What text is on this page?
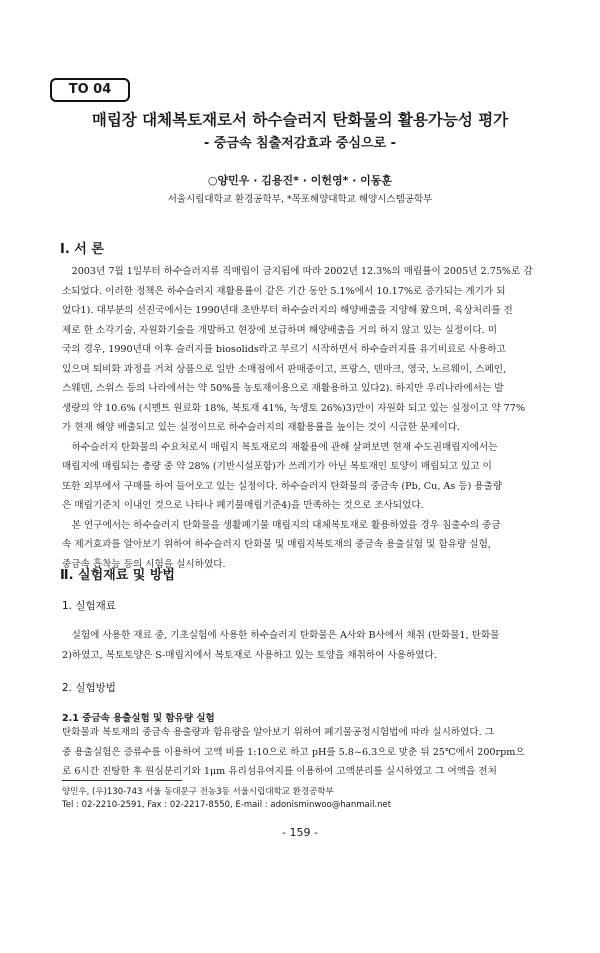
TO 04
매립장 대체복토재로서 하수슬러지 탄화물의 활용가능성 평가
- 중금속 침출저감효과 중심으로 -
○양민우 · 김용진* · 이헌영* · 이동훈
서울시립대학교 환경공학부, *목포해양대학교 해양시스템공학부
Ⅰ. 서 론
2003년 7월 1일부터 하수슬러지류 직매립이 금지됨에 따라 2002년 12.3%의 매립률이 2005년 2.75%로 감
소되었다. 이러한 정책은 하수슬러지 재활용률이 같은 기간 동안 5.1%에서 10.17%로 증가되는 계기가 되
었다1). 대부분의 선진국에서는 1990년대 초반부터 하수슬러지의 해양배출을 지양해 왔으며, 육상처리를 전
제로 한 소각기술, 자원화기술을 개발하고 현장에 보급하며 해양배출을 거의 하지 않고 있는 실정이다. 미
국의 경우, 1990년대 이후 슬러지를 biosolids라고 부르기 시작하면서 하수슬러지를 유기비료로 사용하고
있으며 퇴비화 과정을 거쳐 상품으로 일반 소매점에서 판매중이고, 프랑스, 덴마크, 영국, 노르웨이, 스페인,
스웨덴, 스위스 등의 나라에서는 약 50%를 농토재이용으로 재활용하고 있다2). 하지만 우리나라에서는 발
생량의 약 10.6% (시멘트 원료화 18%, 복토재 41%, 녹생토 26%)3)만이 자원화 되고 있는 실정이고 약 77%
가 현재 해양 배출되고 있는 실정이므로 하수슬러지의 재활용률을 높이는 것이 시급한 문제이다.
하수슬러지 탄화물의 수요처로서 매립지 복토재로의 재활용에 관해 살펴보면 현재 수도권매립지에서는
매립지에 매립되는 총량 중 약 28% (기반시설포함)가 쓰레기가 아닌 복토재인 토양이 매립되고 있고 이
또한 외부에서 구매를 하여 들어오고 있는 실정이다. 하수슬러지 탄화물의 중금속 (Pb, Cu, As 등) 용출량
은 매립기준치 이내인 것으로 나타나 폐기물매립기준4)을 만족하는 것으로 조사되었다.
본 연구에서는 하수슬러지 탄화물을 생활폐기물 매립지의 대체복토재로 활용하였을 경우 침출수의 중금
속 제거효과를 알아보기 위하여 하수슬러지 탄화물 및 매립지복토재의 중금속 용출실험 및 함유량 실험,
중금속 흡착능 등의 시험을 실시하였다.
Ⅱ. 실험재료 및 방법
1. 실험재료
실험에 사용한 재료 중, 기초실험에 사용한 하수슬러지 탄화물은 A사와 B사에서 채취 (탄화물1, 탄화물
2)하였고, 복토토양은 S-매립지에서 복토재로 사용하고 있는 토양을 채취하여 사용하였다.
2. 실험방법
2.1 중금속 용출실험 및 함유량 실험
탄화물과 복토재의 중금속 용출량과 함유량을 알아보기 위하여 폐기물공정시험법에 따라 실시하였다. 그
중 용출실험은 증류수를 이용하여 고액 비를 1:10으로 하고 pH를 5.8~6.3으로 맞춘 뒤 25℃에서 200rpm으
로 6시간 진탕한 후 원심분리기와 1μm 유리섬유여지를 이용하여 고액분리를 실시하였고 그 여액을 전처
양민우, (우)130-743 서울 동대문구 전농3동 서울시립대학교 환경공학부
Tel : 02-2210-2591, Fax : 02-2217-8550, E-mail : adonisminwoo@hanmail.net
- 159 -
